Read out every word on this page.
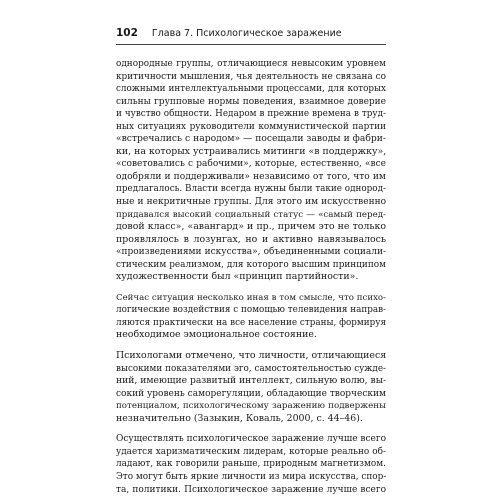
102 Глава 7. Психологическое заражение
однородные группы, отличающиеся невысоким уровнем
критичности мышления, чья деятельность не связана со
сложными интеллектуальными процессами, для которых
сильны групповые нормы поведения, взаимное доверие
и чувство общности. Недаром в прежние времена в труд-
ных ситуациях руководители коммунистической партии
«встречались с народом» — посещали заводы и фабри-
ки, на которых устраивались митинги «в поддержку»,
«советовались с рабочими», которые, естественно, «все
одобряли и поддерживали» независимо от того, что им
предлагалось. Власти всегда нужны были такие однород-
ные и некритичные группы. Для этого им искусственно
придавался высокий социальный статус — «самый перед-
довой класс», «авангард» и пр., причем это не только
проявлялось в лозунгах, но и активно навязывалось
«произведениями искусства», объединенными социали-
стическим реализмом, для которого высшим принципом
художественности был «принцип партийности».
Сейчас ситуация несколько иная в том смысле, что психо-
логические воздействия с помощью телевидения направ-
ляются практически на все население страны, формируя
необходимое эмоциональное состояние.
Психологами отмечено, что личности, отличающиеся
высокими показателями эго, самостоятельностью сужде-
ний, имеющие развитый интеллект, сильную волю, вы-
сокий уровень саморегуляции, обладающие творческим
потенциалом, психологическому заражению подвержены
незначительно (Зазыкин, Коваль, 2000, с. 44–46).
Осуществлять психологическое заражение лучше всего
удается харизматическим лидерам, которые реально об-
ладают, как говорили раньше, природным магнетизмом.
Это могут быть яркие личности из мира искусства, спор-
та, политики. Психологическое заражение лучше всего
